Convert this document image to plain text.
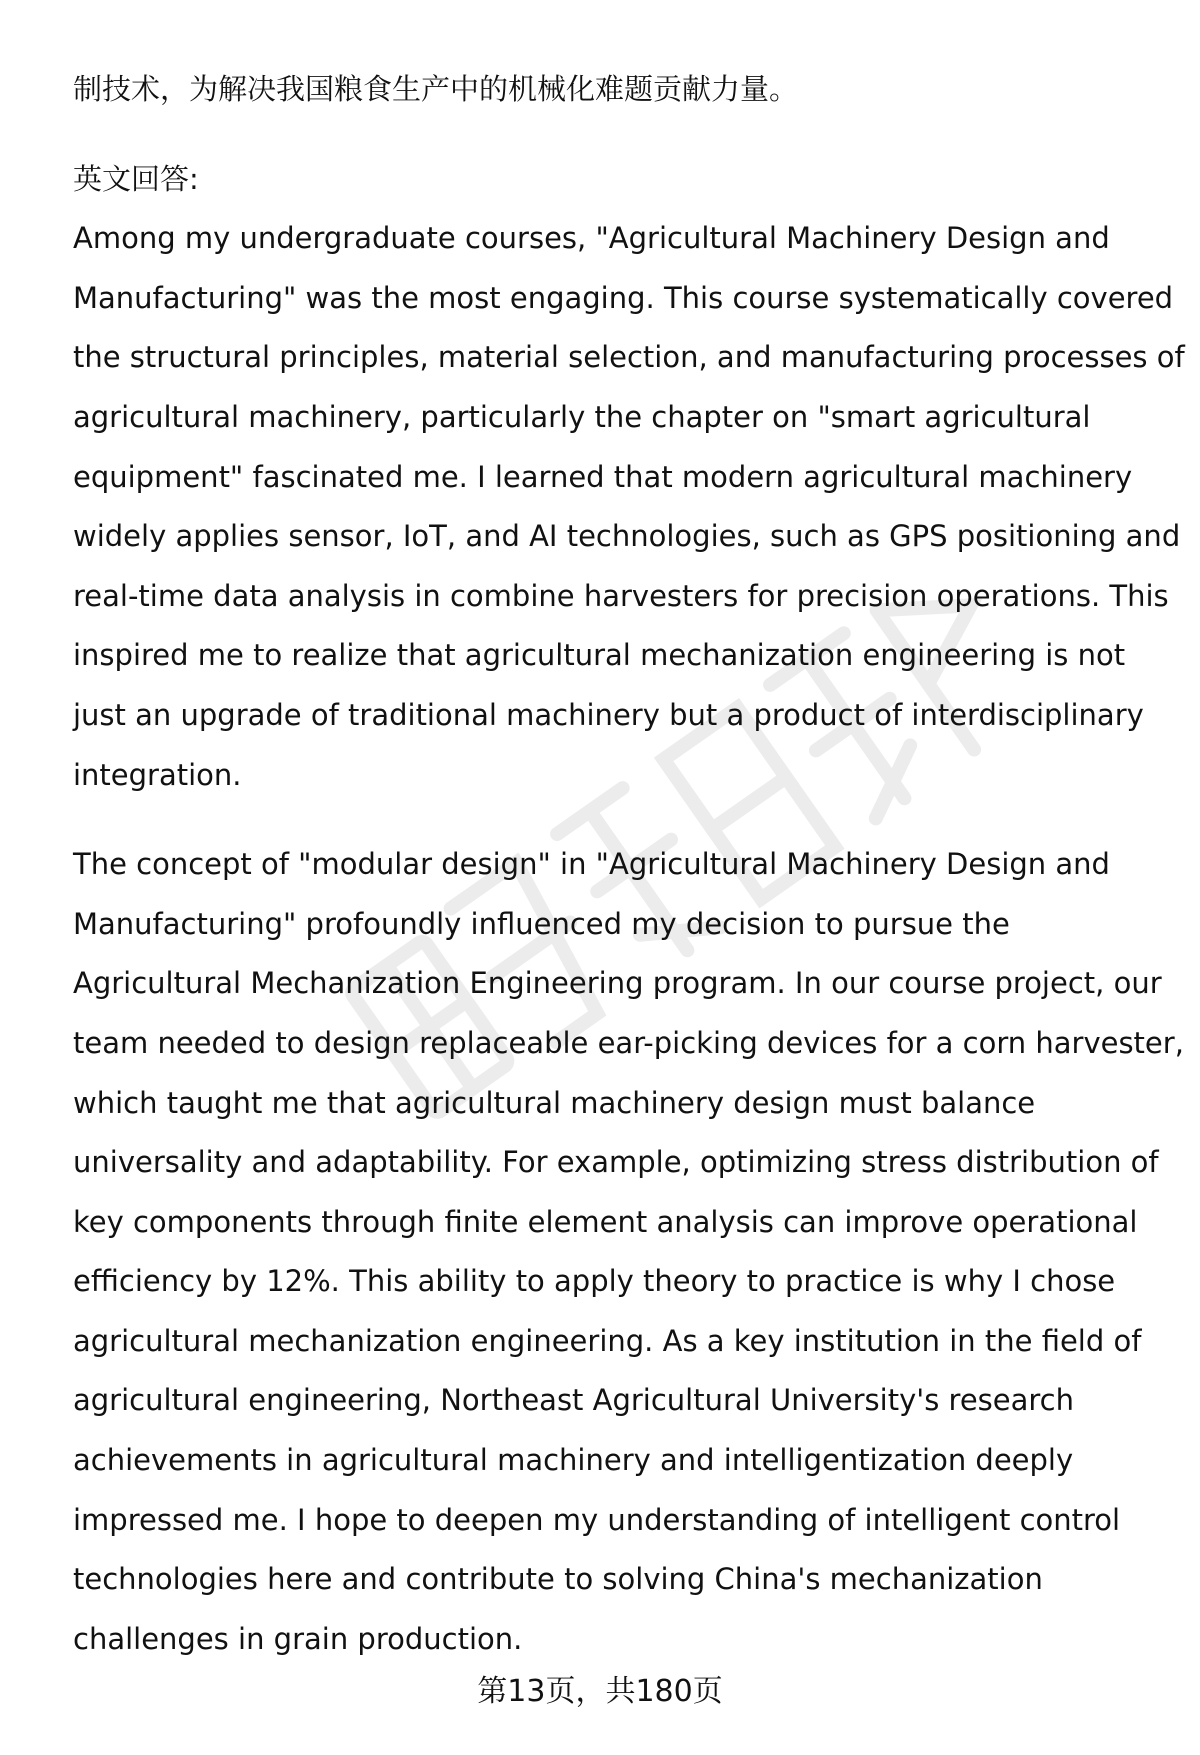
制技术，为解决我国粮食生产中的机械化难题贡献力量。
英文回答:
Among my undergraduate courses, "Agricultural Machinery Design and
Manufacturing" was the most engaging. This course systematically covered
the structural principles, material selection, and manufacturing processes of
agricultural machinery, particularly the chapter on "smart agricultural
equipment" fascinated me. I learned that modern agricultural machinery
widely applies sensor, IoT, and AI technologies, such as GPS positioning and
real-time data analysis in combine harvesters for precision operations. This
inspired me to realize that agricultural mechanization engineering is not
just an upgrade of traditional machinery but a product of interdisciplinary
integration.
The concept of "modular design" in "Agricultural Machinery Design and
Manufacturing" profoundly influenced my decision to pursue the
Agricultural Mechanization Engineering program. In our course project, our
team needed to design replaceable ear-picking devices for a corn harvester,
which taught me that agricultural machinery design must balance
universality and adaptability. For example, optimizing stress distribution of
key components through finite element analysis can improve operational
efficiency by 12%. This ability to apply theory to practice is why I chose
agricultural mechanization engineering. As a key institution in the field of
agricultural engineering, Northeast Agricultural University's research
achievements in agricultural machinery and intelligentization deeply
impressed me. I hope to deepen my understanding of intelligent control
technologies here and contribute to solving China's mechanization
challenges in grain production.
第13页，共180页
